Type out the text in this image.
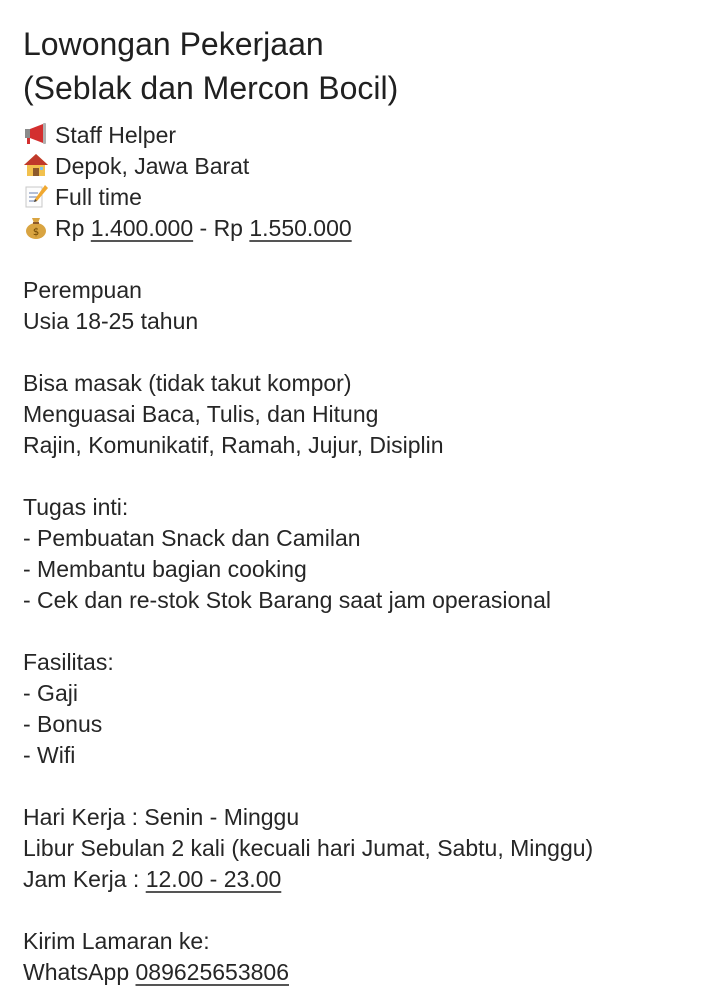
Lowongan Pekerjaan
(Seblak dan Mercon Bocil)
Staff Helper
Depok, Jawa Barat
Full time
$ Rp 1.400.000 - Rp 1.550.000
Perempuan
Usia 18-25 tahun
Bisa masak (tidak takut kompor)
Menguasai Baca, Tulis, dan Hitung
Rajin, Komunikatif, Ramah, Jujur, Disiplin
Tugas inti:
- Pembuatan Snack dan Camilan
- Membantu bagian cooking
- Cek dan re-stok Stok Barang saat jam operasional
Fasilitas:
- Gaji
- Bonus
- Wifi
Hari Kerja : Senin - Minggu
Libur Sebulan 2 kali (kecuali hari Jumat, Sabtu, Minggu)
Jam Kerja : 12.00 - 23.00
Kirim Lamaran ke:
WhatsApp 089625653806
